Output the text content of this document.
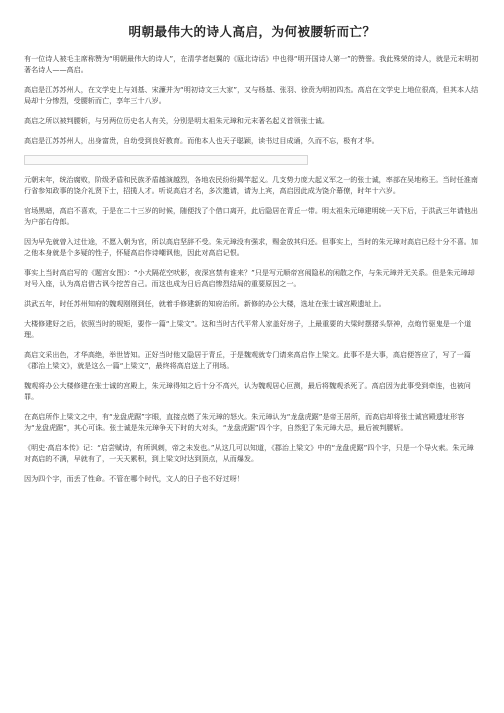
明朝最伟大的诗人高启，为何被腰斩而亡？

有一位诗人被毛主席称赞为“明朝最伟大的诗人”，在清学者赵翼的《瓯北诗话》中也得“明开国诗人第一”的赞誉。我此殊荣的诗人，就是元末明初著名诗人——高启。

高启是江苏苏州人，在文学史上与刘基、宋濂并为“明初诗文三大家”，又与杨基、张羽、徐贲为明初四杰。高启在文学史上地位很高，但其本人结局却十分惨烈，受腰斩而亡，享年三十八岁。

高启之所以被判腰斩，与另两位历史名人有关，分别是明太祖朱元璋和元末著名起义首领张士诚。

高启是江苏苏州人，出身富贵，自幼受到良好教育。而他本人也天子聪颖，读书过目成诵，久而不忘，极有才华。

元朝末年，统治腐败，阶级矛盾和民族矛盾越演越烈，各地农民纷纷揭竿起义。几支势力庞大起义军之一的张士诚，率部在吴地称王。当时任淮南行省参知政事的饶介礼贤下士，招揽人才。听说高启才名，多次邀请，请为上宾，高启因此成为饶介幕僚，时年十六岁。

官场黑暗，高启不喜欢，于是在二十三岁的时候，随便找了个借口离开，此后隐居在青丘一带。明太祖朱元璋建明统一天下后，于洪武三年请他出为户部右侍郎。

因为早先就曾入过仕途，不愿入朝为官，所以高启坚辞不受。朱元璋没有强求，赐金放其归还。但事实上，当时的朱元璋对高启已经十分不喜。加之他本身就是个多疑的性子，怀疑高启作诗嘲讽他，因此对高启记恨。

事实上当时高启写的《题宫女图》：“小犬隔花空吠影，夜深宫禁有谁来？”只是写元顺帝宫闱隐私的闲散之作，与朱元璋并无关系。但是朱元璋却对号入座，认为高启借古讽今挖苦自己。而这也成为日后高启惨烈结局的重要原因之一。

洪武五年，时任苏州知府的魏观刚刚到任，就着手修建新的知府治所。新修的办公大楼，选址在张士诚宫殿遗址上。

大楼修建好之后，依照当时的规矩，要作一篇“上梁文”。这和当时古代平常人家盖好房子，上最重要的大梁时摆猪头祭神，点炮竹驱鬼是一个道理。

高启文采出色，才华高绝，举世皆知。正好当时他又隐居于青丘，于是魏观就专门请来高启作上梁文。此事不是大事，高启便答应了，写了一篇《郡治上梁文》，就是这么一篇“上梁文”，最终将高启送上了刑场。

魏观将办公大楼修建在张士诚的宫殿上，朱元璋得知之后十分不高兴，认为魏观居心叵测，最后将魏观杀死了。高启因为此事受到牵连，也被问罪。

在高启所作上梁文之中，有“龙盘虎踞”字眼，直接点燃了朱元璋的怒火。朱元璋认为“龙盘虎踞”是帝王居所，而高启却将张士诚宫殿遗址形容为“龙盘虎踞”，其心可诛。张士诚是朱元璋争天下时的大对头，“龙盘虎踞”四个字，自然犯了朱元璋大忌，最后被判腰斩。

《明史·高启本传》记：“启尝赋诗，有所讽刺，帝之未发也。”从这几可以知道，《郡治上梁文》中的“龙盘虎踞”四个字，只是一个导火索。朱元璋对高启的不满，早就有了，一天天累积，到上梁文时达到顶点，从而爆发。

因为四个字，而丢了性命。不管在哪个时代，文人的日子也不好过呀！
